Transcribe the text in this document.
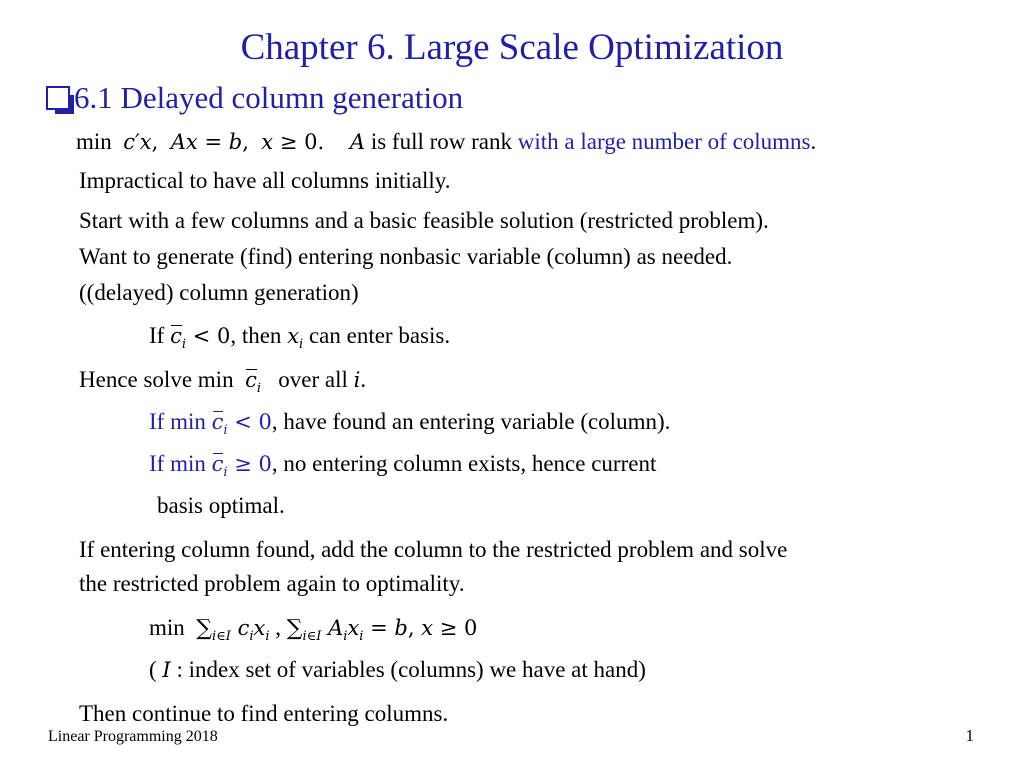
Chapter 6. Large Scale Optimization
6.1 Delayed column generation
min c′x,  Ax = b,  x ≥ 0.    A is full row rank with a large number of columns.
Impractical to have all columns initially.
Start with a few columns and a basic feasible solution (restricted problem).
Want to generate (find) entering nonbasic variable (column) as needed.
((delayed) column generation)
If $c_i < 0$, then $x_i$ can enter basis.
Hence solve $\min c_i$ over all i.
If $\min c_i < 0$, have found an entering variable (column).
If $\min c_i \ge 0$, no entering column exists, hence current
basis optimal.
If entering column found, add the column to the restricted problem and solve
the restricted problem again to optimality.
$\min \sum_{i\in I}$ $c_ix_i$ , $\sum_{i\in I}$ $A_ix_i = b$, x ≥ 0
( I : index set of variables (columns) we have at hand)
Then continue to find entering columns.
Linear Programming 2018	1
